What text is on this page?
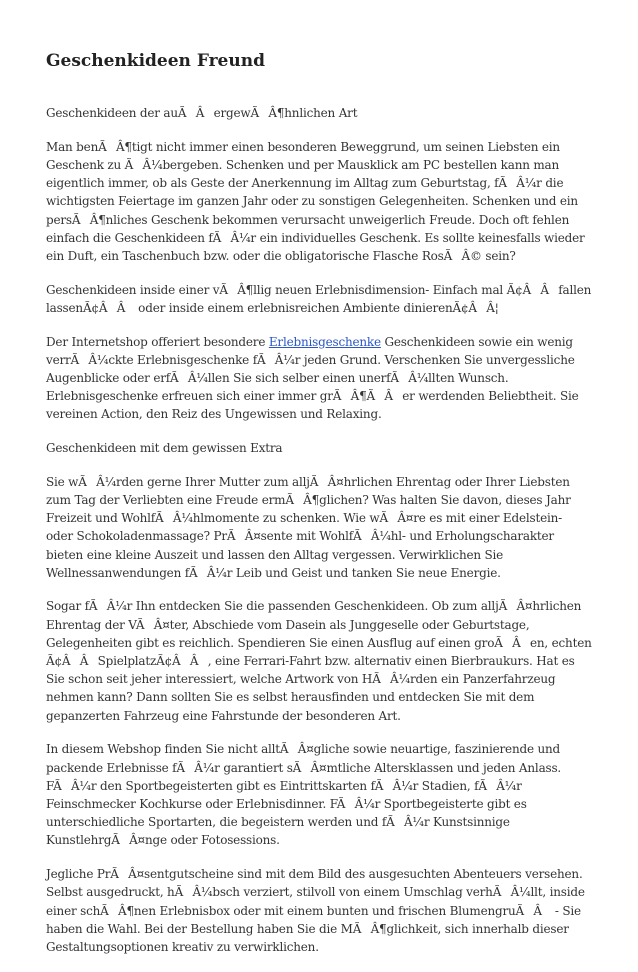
Geschenkideen Freund

Geschenkideen der auÃÂergewÃÂ¶hnlichen Art

Man benÃÂ¶tigt nicht immer einen besonderen Beweggrund, um seinen Liebsten ein Geschenk zu ÃÂ¼bergeben. Schenken und per Mausklick am PC bestellen kann man eigentlich immer, ob als Geste der Anerkennung im Alltag zum Geburtstag, fÃÂ¼r die wichtigsten Feiertage im ganzen Jahr oder zu sonstigen Gelegenheiten. Schenken und ein persÃÂ¶nliches Geschenk bekommen verursacht unweigerlich Freude. Doch oft fehlen einfach die Geschenkideen fÃÂ¼r ein individuelles Geschenk. Es sollte keinesfalls wieder ein Duft, ein Taschenbuch bzw. oder die obligatorische Flasche RosÃÂ© sein?

Geschenkideen inside einer vÃÂ¶llig neuen Erlebnisdimension- Einfach mal Ã¢ÂÂfallen lassenÃ¢ÂÂ oder inside einem erlebnisreichen Ambiente dinierenÃ¢ÂÂ¦

Der Internetshop offeriert besondere Erlebnisgeschenke Geschenkideen sowie ein wenig verrÃÂ¼ckte Erlebnisgeschenke fÃÂ¼r jeden Grund. Verschenken Sie unvergessliche Augenblicke oder erfÃÂ¼llen Sie sich selber einen unerfÃÂ¼llten Wunsch. Erlebnisgeschenke erfreuen sich einer immer grÃÂ¶ÃÂer werdenden Beliebtheit. Sie vereinen Action, den Reiz des Ungewissen und Relaxing.

Geschenkideen mit dem gewissen Extra

Sie wÃÂ¼rden gerne Ihrer Mutter zum alljÃÂ¤hrlichen Ehrentag oder Ihrer Liebsten zum Tag der Verliebten eine Freude ermÃÂ¶glichen? Was halten Sie davon, dieses Jahr Freizeit und WohlfÃÂ¼hlmomente zu schenken. Wie wÃÂ¤re es mit einer Edelstein- oder Schokoladenmassage? PrÃÂ¤sente mit WohlfÃÂ¼hl- und Erholungscharakter bieten eine kleine Auszeit und lassen den Alltag vergessen. Verwirklichen Sie Wellnessanwendungen fÃÂ¼r Leib und Geist und tanken Sie neue Energie.

Sogar fÃÂ¼r Ihn entdecken Sie die passenden Geschenkideen. Ob zum alljÃÂ¤hrlichen Ehrentag der VÃÂ¤ter, Abschiede vom Dasein als Junggeselle oder Geburtstage, Gelegenheiten gibt es reichlich. Spendieren Sie einen Ausflug auf einen groÃÂen, echten Ã¢ÂÂSpielplatzÃ¢ÂÂ, eine Ferrari-Fahrt bzw. alternativ einen Bierbraukurs. Hat es Sie schon seit jeher interessiert, welche Artwork von HÃÂ¼rden ein Panzerfahrzeug nehmen kann? Dann sollten Sie es selbst herausfinden und entdecken Sie mit dem gepanzerten Fahrzeug eine Fahrstunde der besonderen Art.

In diesem Webshop finden Sie nicht alltÃÂ¤gliche sowie neuartige, faszinierende und packende Erlebnisse fÃÂ¼r garantiert sÃÂ¤mtliche Altersklassen und jeden Anlass. FÃÂ¼r den Sportbegeisterten gibt es Eintrittskarten fÃÂ¼r Stadien, fÃÂ¼r Feinschmecker Kochkurse oder Erlebnisdinner. FÃÂ¼r Sportbegeisterte gibt es unterschiedliche Sportarten, die begeistern werden und fÃÂ¼r Kunstsinnige KunstlehrgÃÂ¤nge oder Fotosessions.

Jegliche PrÃÂ¤sentgutscheine sind mit dem Bild des ausgesuchten Abenteuers versehen. Selbst ausgedruckt, hÃÂ¼bsch verziert, stilvoll von einem Umschlag verhÃÂ¼llt, inside einer schÃÂ¶nen Erlebnisbox oder mit einem bunten und frischen BlumengruÃÂ - Sie haben die Wahl. Bei der Bestellung haben Sie die MÃÂ¶glichkeit, sich innerhalb dieser Gestaltungsoptionen kreativ zu verwirklichen.
